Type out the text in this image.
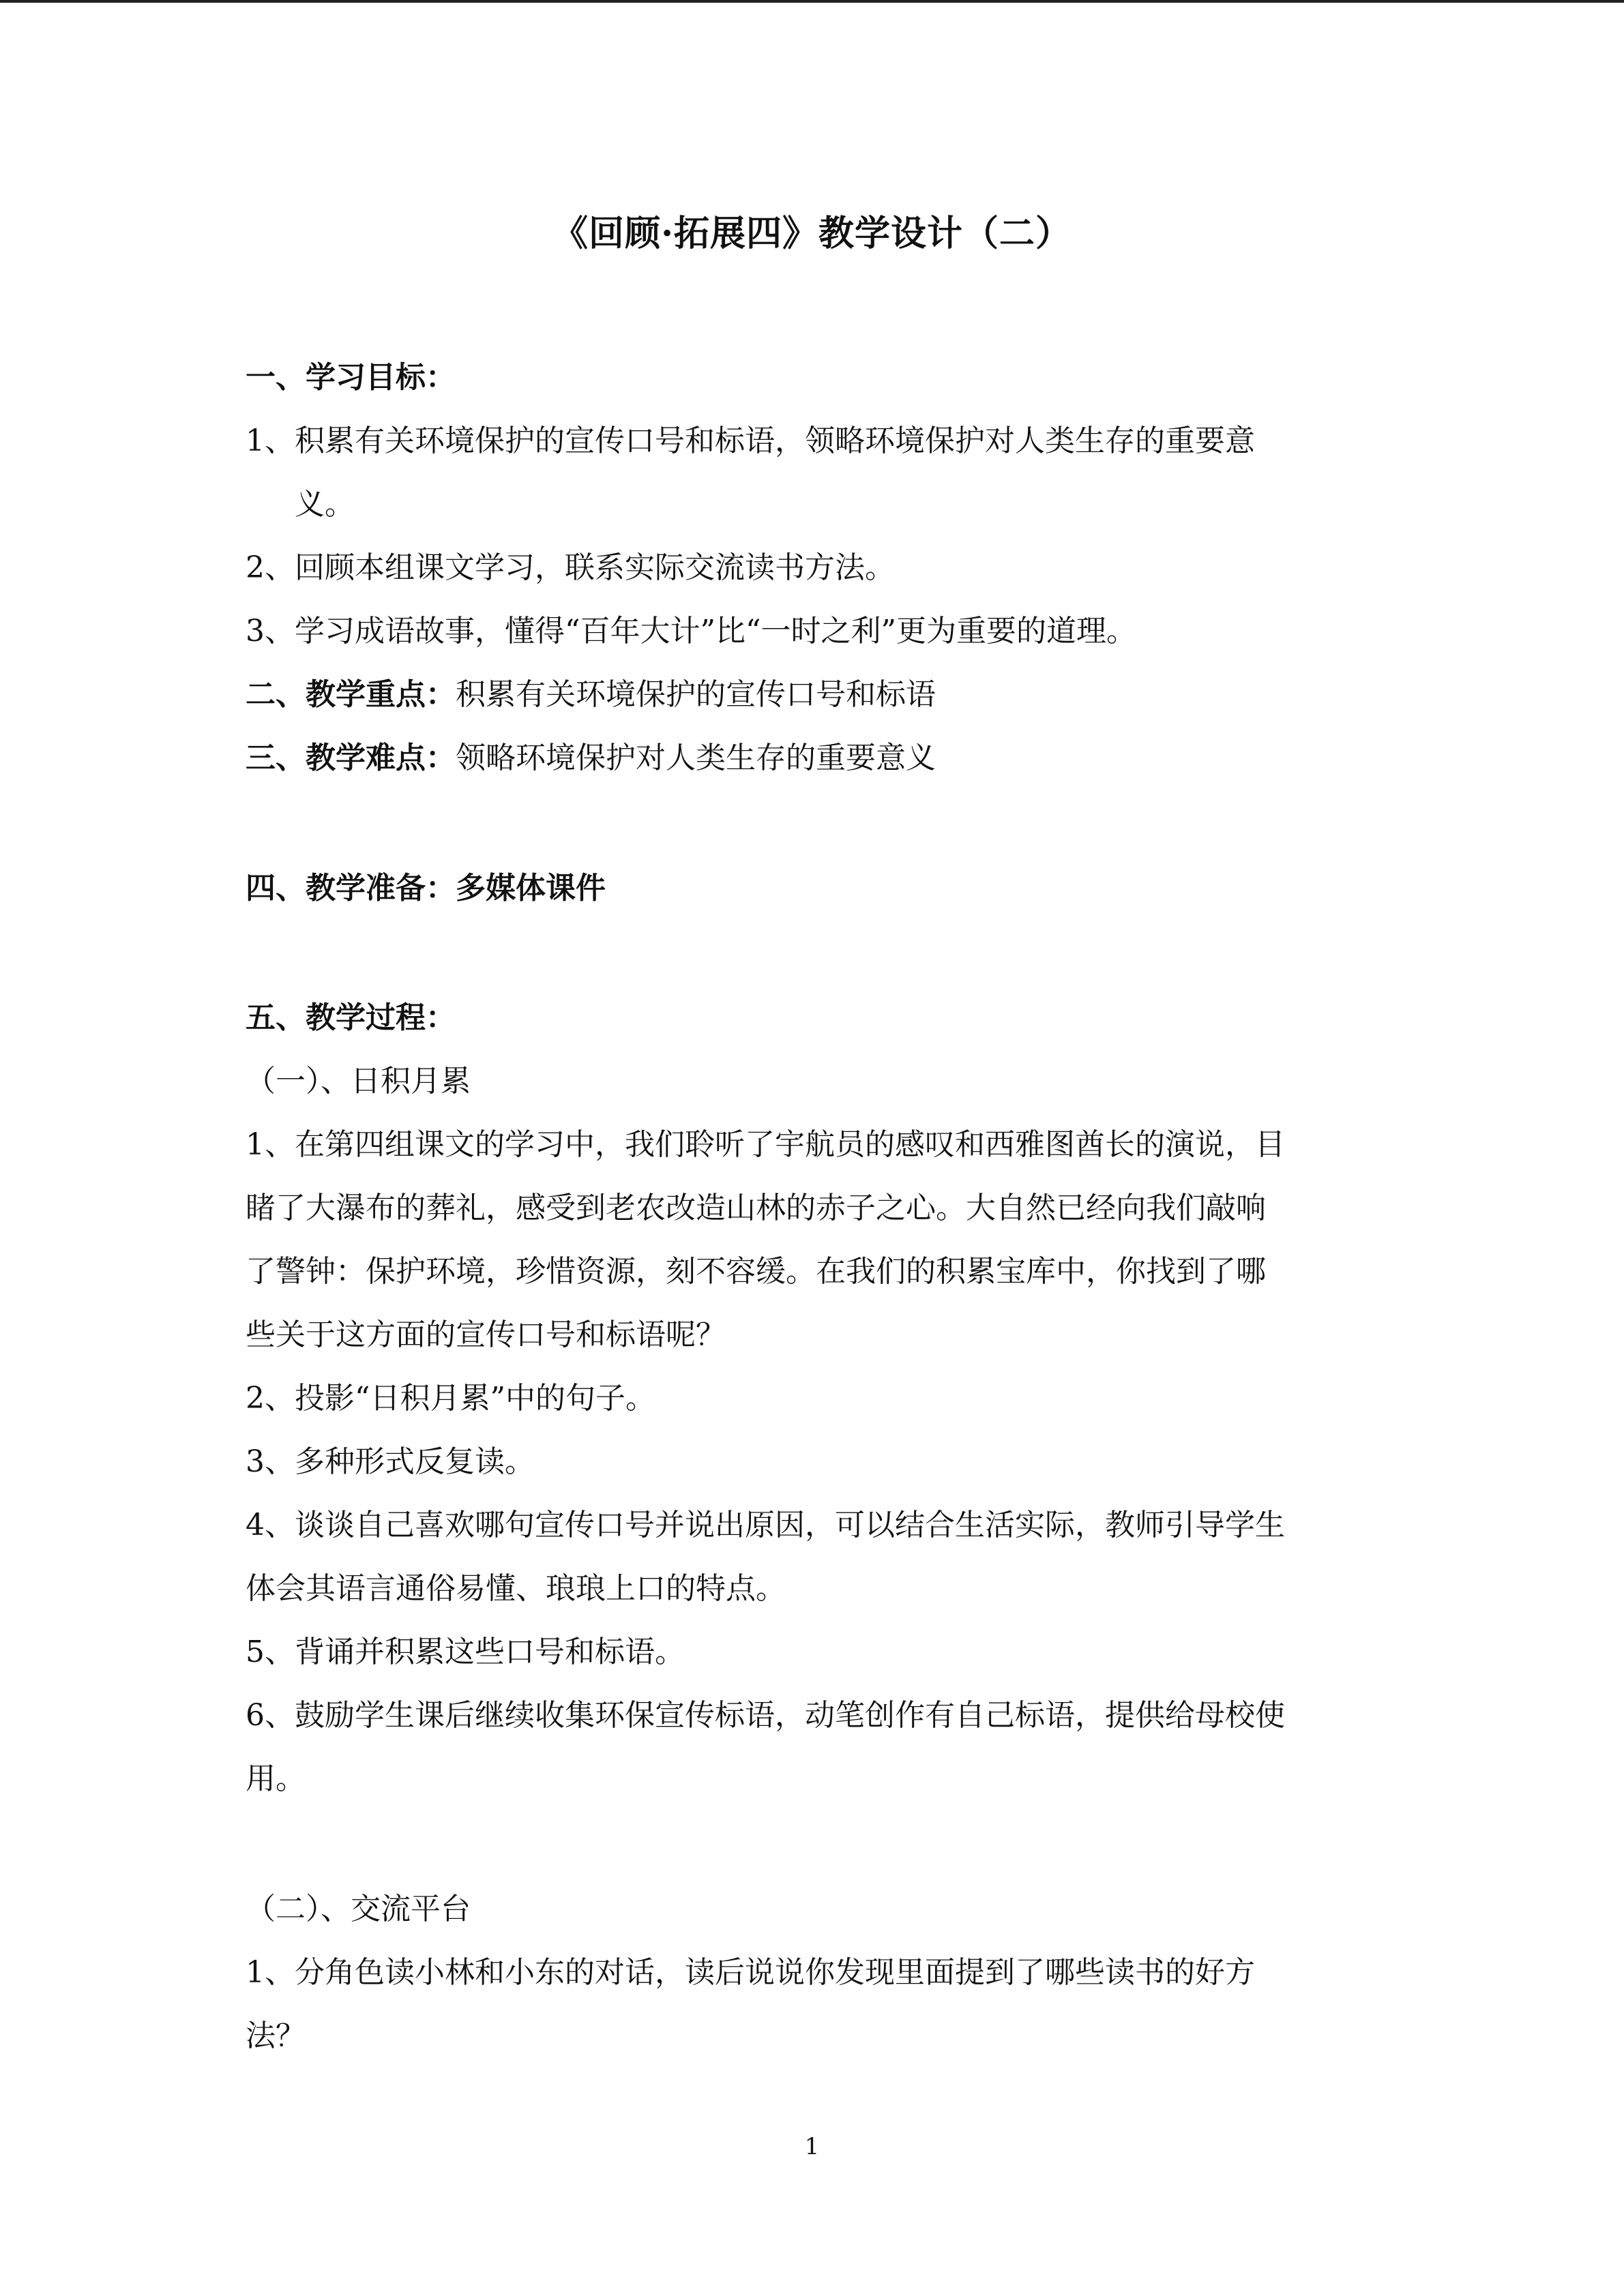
《回顾·拓展四》教学设计（二）
一、学习目标：
1、积累有关环境保护的宣传口号和标语，领略环境保护对人类生存的重要意
义。
2、回顾本组课文学习，联系实际交流读书方法。
3、学习成语故事，懂得“百年大计”比“一时之利”更为重要的道理。
二、教学重点：积累有关环境保护的宣传口号和标语
三、教学难点：领略环境保护对人类生存的重要意义
四、教学准备：多媒体课件
五、教学过程：
（一）、日积月累
1、在第四组课文的学习中，我们聆听了宇航员的感叹和西雅图酋长的演说，目
睹了大瀑布的葬礼，感受到老农改造山林的赤子之心。大自然已经向我们敲响
了警钟：保护环境，珍惜资源，刻不容缓。在我们的积累宝库中，你找到了哪
些关于这方面的宣传口号和标语呢？
2、投影“日积月累”中的句子。
3、多种形式反复读。
4、谈谈自己喜欢哪句宣传口号并说出原因，可以结合生活实际，教师引导学生
体会其语言通俗易懂、琅琅上口的特点。
5、背诵并积累这些口号和标语。
6、鼓励学生课后继续收集环保宣传标语，动笔创作有自己标语，提供给母校使
用。
（二）、交流平台
1、分角色读小林和小东的对话，读后说说你发现里面提到了哪些读书的好方
法？
1
